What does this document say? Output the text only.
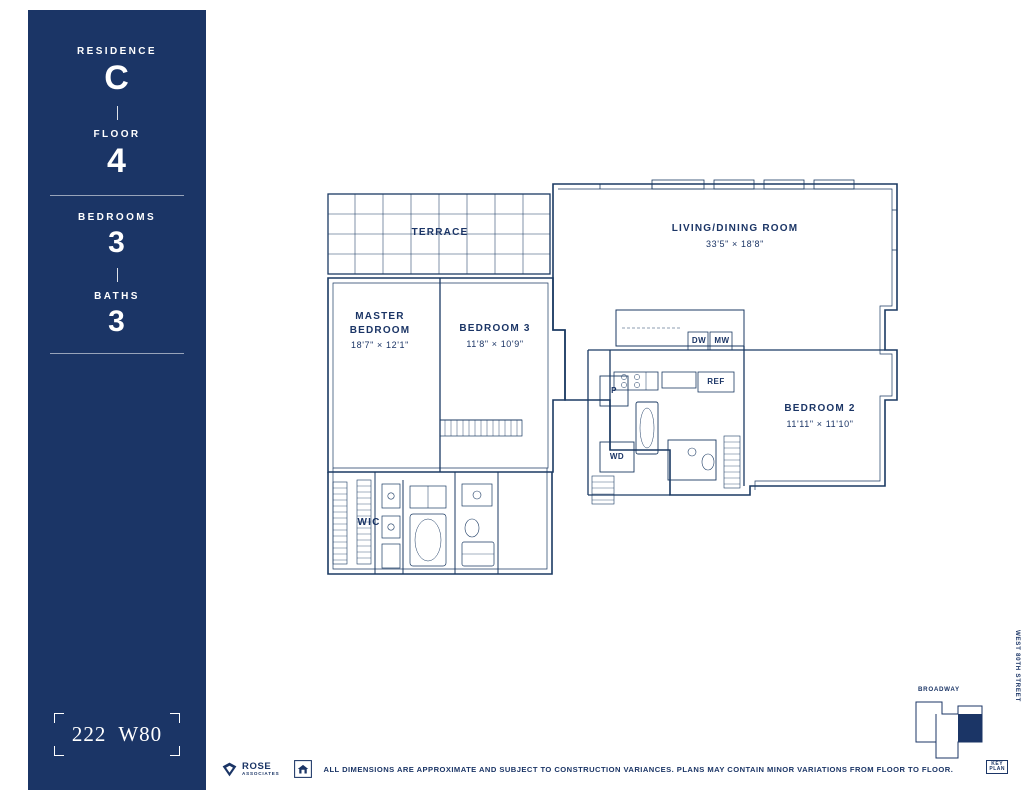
RESIDENCE
C
FLOOR
4
BEDROOMS
3
BATHS
3
222 W80
TERRACE	LIVING/DINING ROOM
33'5" × 18'8"
MASTER
BEDROOM
18'7" × 12'1"
BEDROOM 3
11'8" × 10'9"
BEDROOM 2
11'11" × 11'10"
WIC
DW MW
REF
P
WD
ROSE
ASSOCIATES	ALL DIMENSIONS ARE APPROXIMATE AND SUBJECT TO CONSTRUCTION VARIANCES. PLANS MAY CONTAIN MINOR VARIATIONS FROM FLOOR TO FLOOR.
BROADWAY	WEST 80TH STREET
KEY
PLAN
